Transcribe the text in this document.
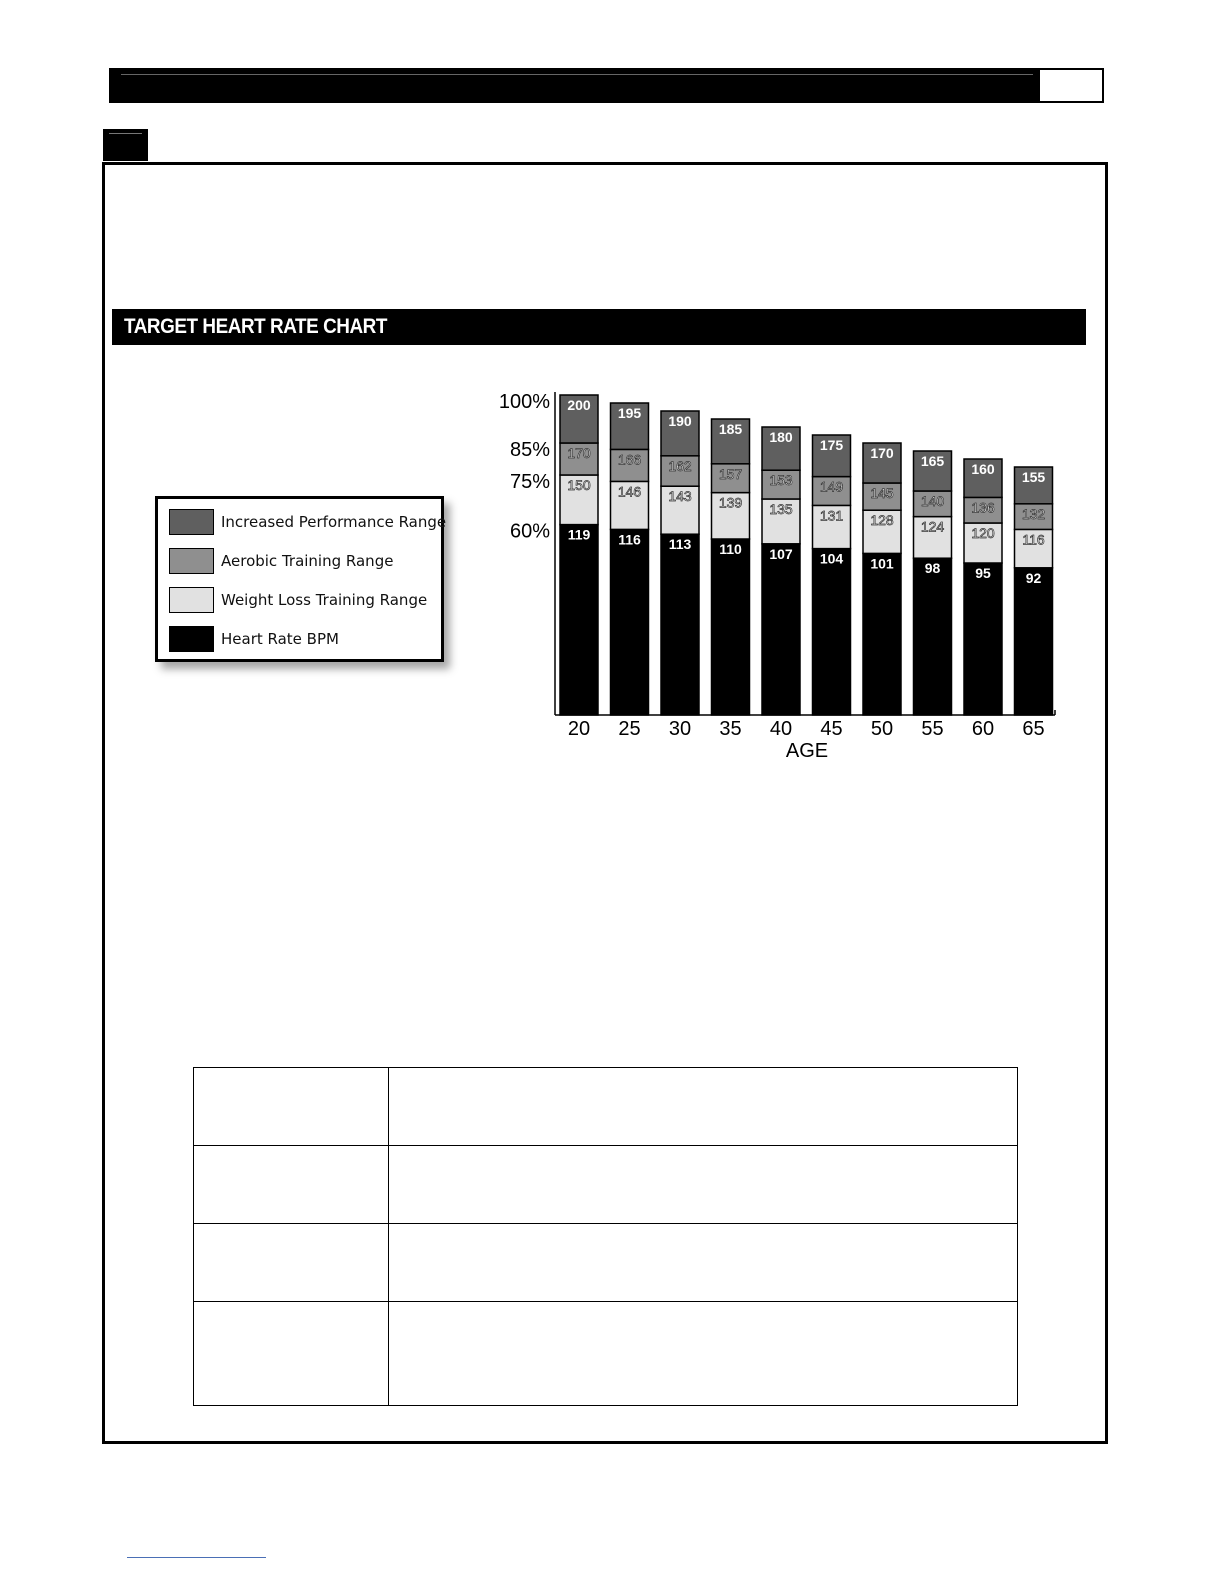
TARGET HEART RATE CHART
Increased Performance Range
Aerobic Training Range
Weight Loss Training Range
Heart Rate BPM
119
150
170
200
20
116
146
166
195
25
113
143
162
190
30
110
139
157
185
35
107
135
153
180
40
104
131
149
175
45
101
128
145
170
50
98
124
140
165
55
95
120
136
160
60
92
116
132
155
65
100%
85%
75%
60%
AGE
